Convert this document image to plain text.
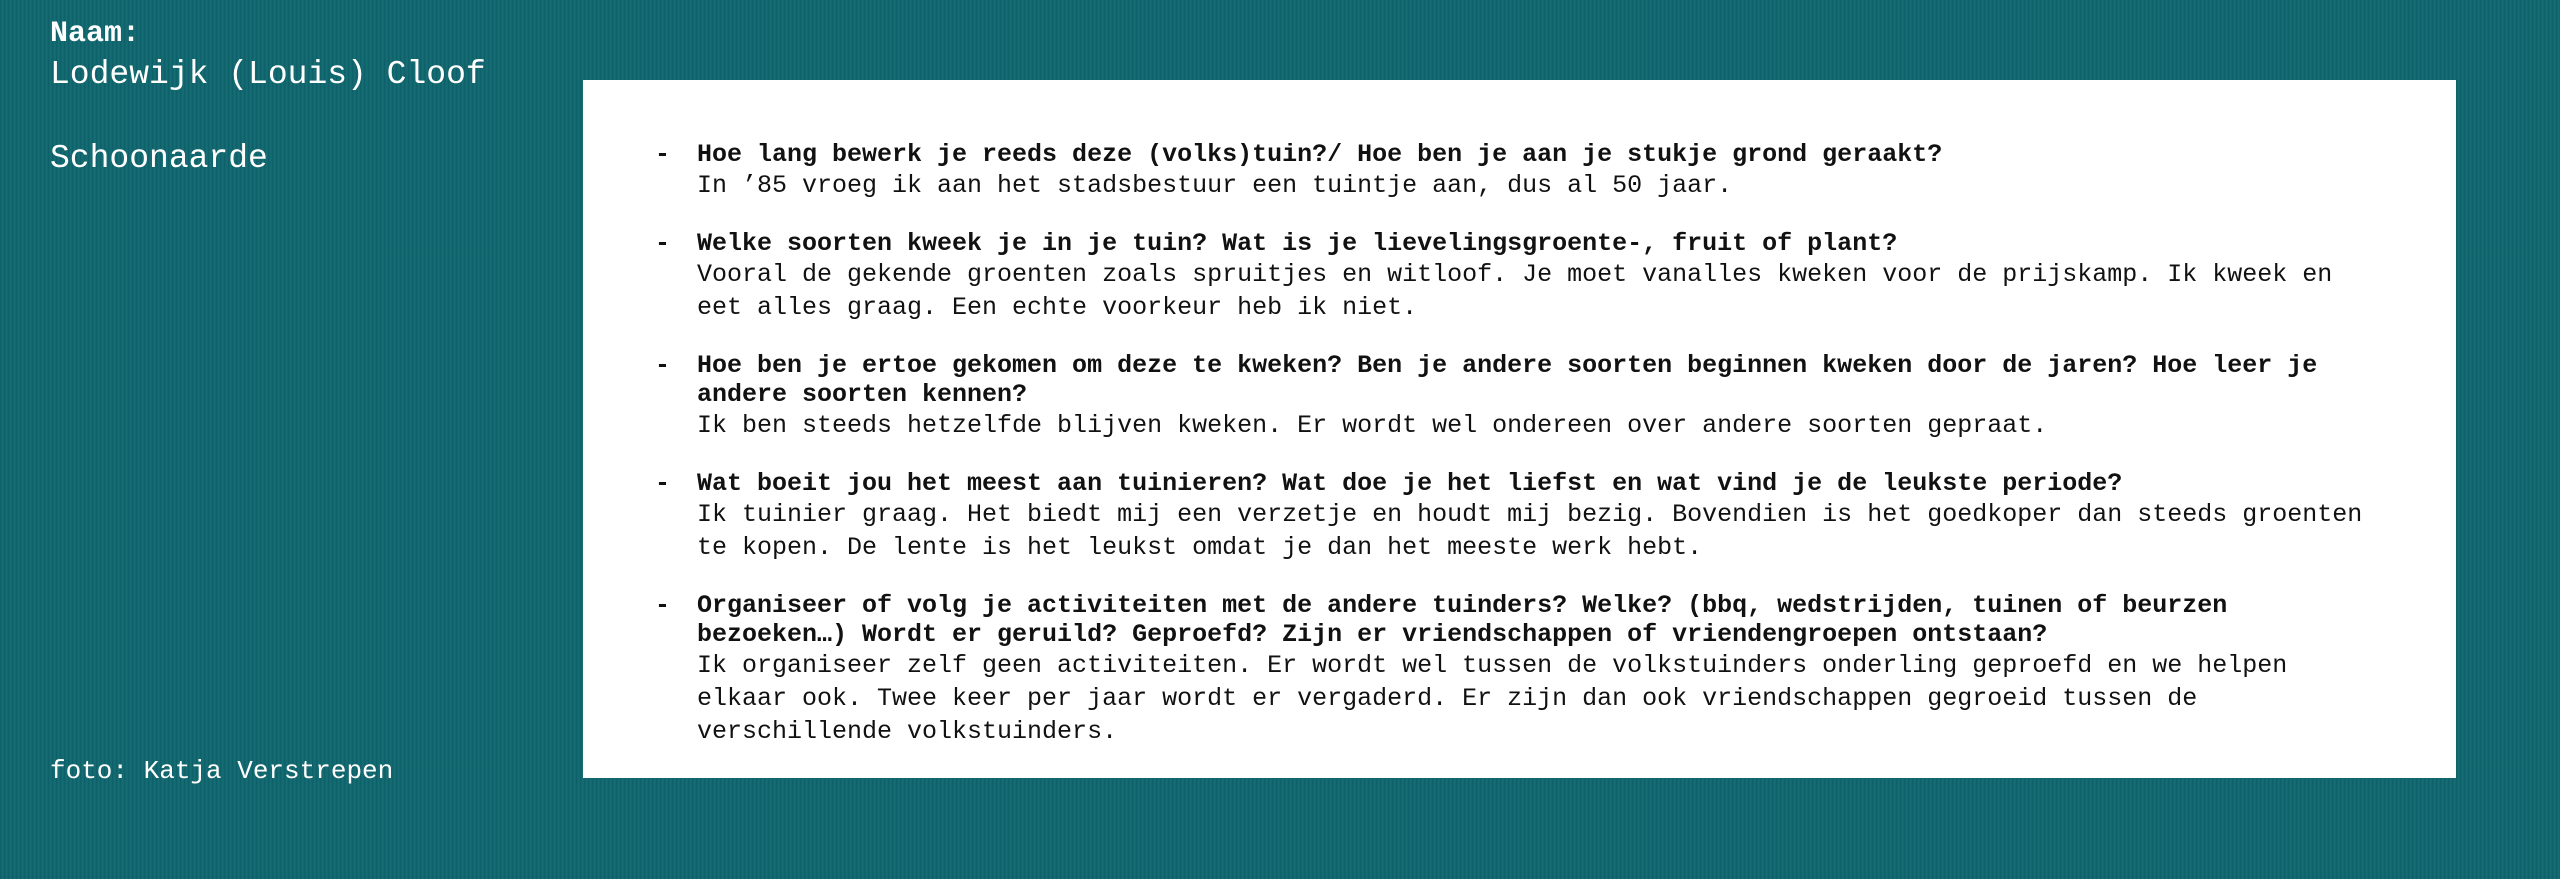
Naam:
Lodewijk (Louis) Cloof
Schoonaarde
foto: Katja Verstrepen
- Hoe lang bewerk je reeds deze (volks)tuin?/ Hoe ben je aan je stukje grond geraakt?
In ’85 vroeg ik aan het stadsbestuur een tuintje aan, dus al 50 jaar.
- Welke soorten kweek je in je tuin? Wat is je lievelingsgroente-, fruit of plant?
Vooral de gekende groenten zoals spruitjes en witloof. Je moet vanalles kweken voor de prijskamp. Ik kweek en
eet alles graag. Een echte voorkeur heb ik niet.
- Hoe ben je ertoe gekomen om deze te kweken? Ben je andere soorten beginnen kweken door de jaren? Hoe leer je
andere soorten kennen?
Ik ben steeds hetzelfde blijven kweken. Er wordt wel ondereen over andere soorten gepraat.
- Wat boeit jou het meest aan tuinieren? Wat doe je het liefst en wat vind je de leukste periode?
Ik tuinier graag. Het biedt mij een verzetje en houdt mij bezig. Bovendien is het goedkoper dan steeds groenten
te kopen. De lente is het leukst omdat je dan het meeste werk hebt.
- Organiseer of volg je activiteiten met de andere tuinders? Welke? (bbq, wedstrijden, tuinen of beurzen
bezoeken…) Wordt er geruild? Geproefd? Zijn er vriendschappen of vriendengroepen ontstaan?
Ik organiseer zelf geen activiteiten. Er wordt wel tussen de volkstuinders onderling geproefd en we helpen
elkaar ook. Twee keer per jaar wordt er vergaderd. Er zijn dan ook vriendschappen gegroeid tussen de
verschillende volkstuinders.
